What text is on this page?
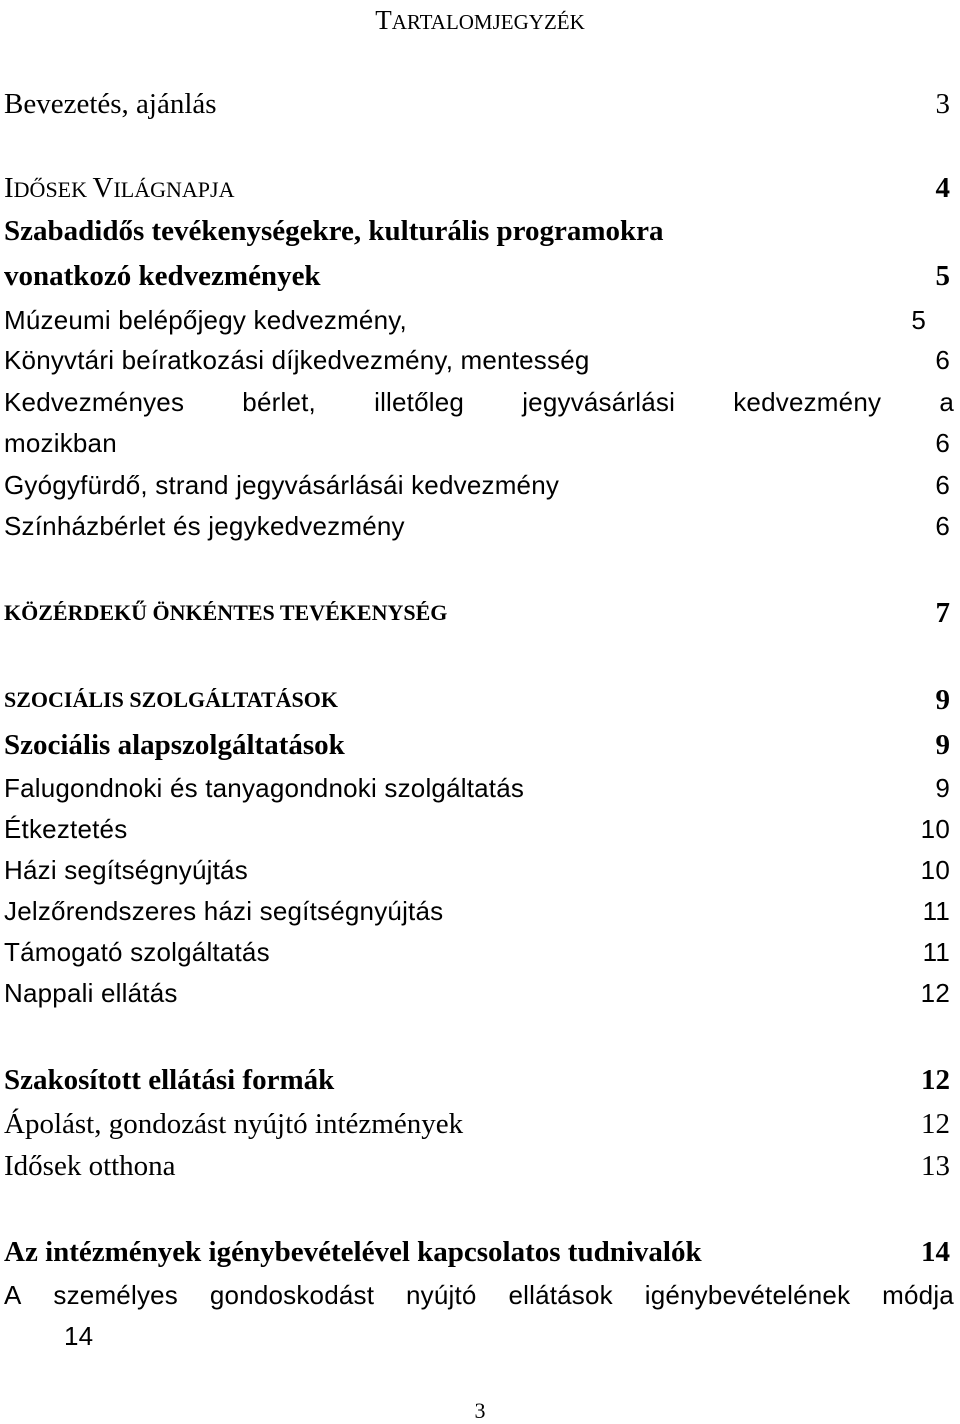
TARTALOMJEGYZÉK
Bevezetés, ajánlás	3
IDŐSEK VILÁGNAPJA	4
Szabadidős tevékenységekre, kulturális programokra
vonatkozó kedvezmények	5
Múzeumi belépőjegy kedvezmény,	5
Könyvtári beíratkozási díjkedvezmény, mentesség	6
Kedvezményes bérlet, illetőleg jegyvásárlási kedvezmény a
mozikban	6
Gyógyfürdő, strand jegyvásárlásái kedvezmény	6
Színházbérlet és jegykedvezmény	6
KÖZÉRDEKŰ ÖNKÉNTES TEVÉKENYSÉG	7
SZOCIÁLIS SZOLGÁLTATÁSOK	9
Szociális alapszolgáltatások	9
Falugondnoki és tanyagondnoki szolgáltatás	9
Étkeztetés	10
Házi segítségnyújtás	10
Jelzőrendszeres házi segítségnyújtás	11
Támogató szolgáltatás	11
Nappali ellátás	12
Szakosított ellátási formák	12
Ápolást, gondozást nyújtó intézmények	12
Idősek otthona	13
Az intézmények igénybevételével kapcsolatos tudnivalók	14
A személyes gondoskodást nyújtó ellátások igénybevételének módja
14
3
